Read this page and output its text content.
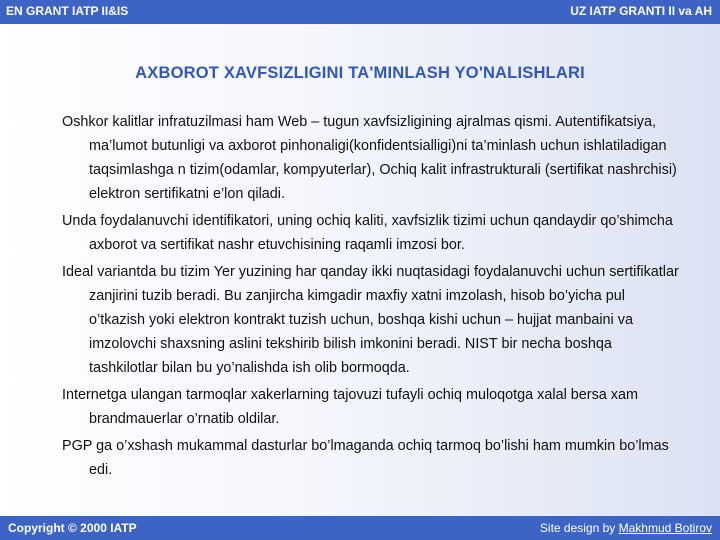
EN GRANT IATP II&IS	UZ IATP GRANTI II va AH
AXBOROT XAVFSIZLIGINI TA'MINLASH YO'NALISHLARI

Oshkor kalitlar infratuzilmasi ham Web – tugun xavfsizligining ajralmas qismi. Autentifikatsiya, ma’lumot butunligi va axborot pinhonaligi(konfidentsialligi)ni ta’minlash uchun ishlatiladigan taqsimlashga n tizim(odamlar, kompyuterlar), Ochiq kalit infrastrukturali (sertifikat nashrchisi) elektron sertifikatni e’lon qiladi.

Unda foydalanuvchi identifikatori, uning ochiq kaliti, xavfsizlik tizimi uchun qandaydir qo’shimcha axborot va sertifikat nashr etuvchisining raqamli imzosi bor.

Ideal variantda bu tizim Yer yuzining har qanday ikki nuqtasidagi foydalanuvchi uchun sertifikatlar zanjirini tuzib beradi. Bu zanjircha kimgadir maxfiy xatni imzolash, hisob bo’yicha pul o’tkazish yoki elektron kontrakt tuzish uchun, boshqa kishi uchun – hujjat manbaini va imzolovchi shaxsning aslini tekshirib bilish imkonini beradi. NIST bir necha boshqa tashkilotlar bilan bu yo’nalishda ish olib bormoqda.

Internetga ulangan tarmoqlar xakerlarning tajovuzi tufayli ochiq muloqotga xalal bersa xam brandmauerlar o’rnatib oldilar.

PGP ga o’xshash mukammal dasturlar bo’lmaganda ochiq tarmoq bo’lishi ham mumkin bo’lmas edi.

Copyright © 2000 IATP	Site design by Makhmud Botirov
